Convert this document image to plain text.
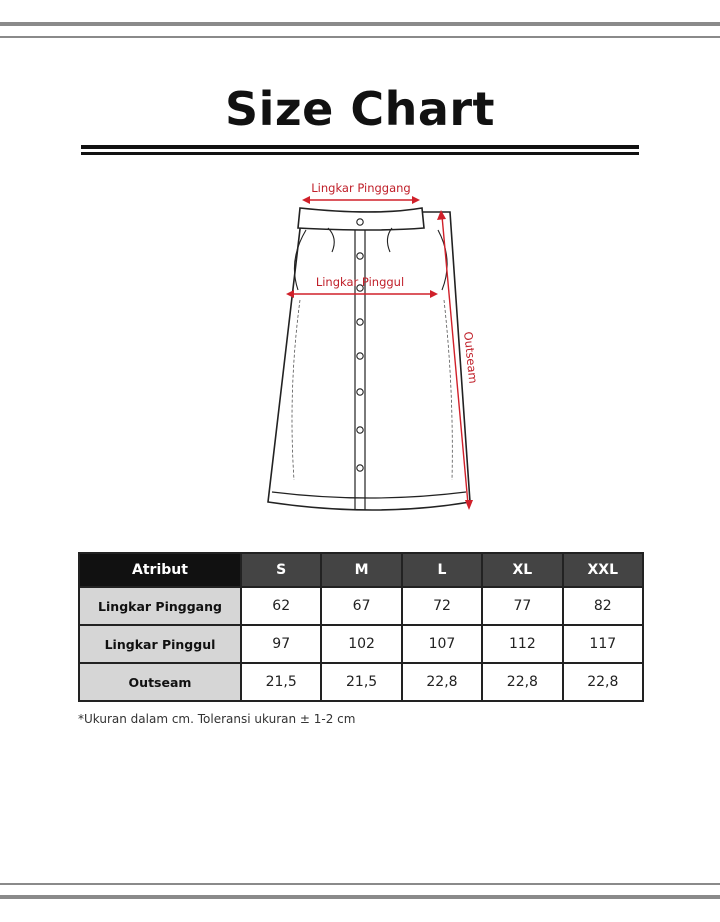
Size Chart
Lingkar Pinggang
Lingkar Pinggul
Outseam
Atribut	S	M	L	XL	XXL
Lingkar Pinggang	62	67	72	77	82
Lingkar Pinggul	97	102	107	112	117
Outseam	21,5	21,5	22,8	22,8	22,8
*Ukuran dalam cm. Toleransi ukuran ± 1-2 cm
